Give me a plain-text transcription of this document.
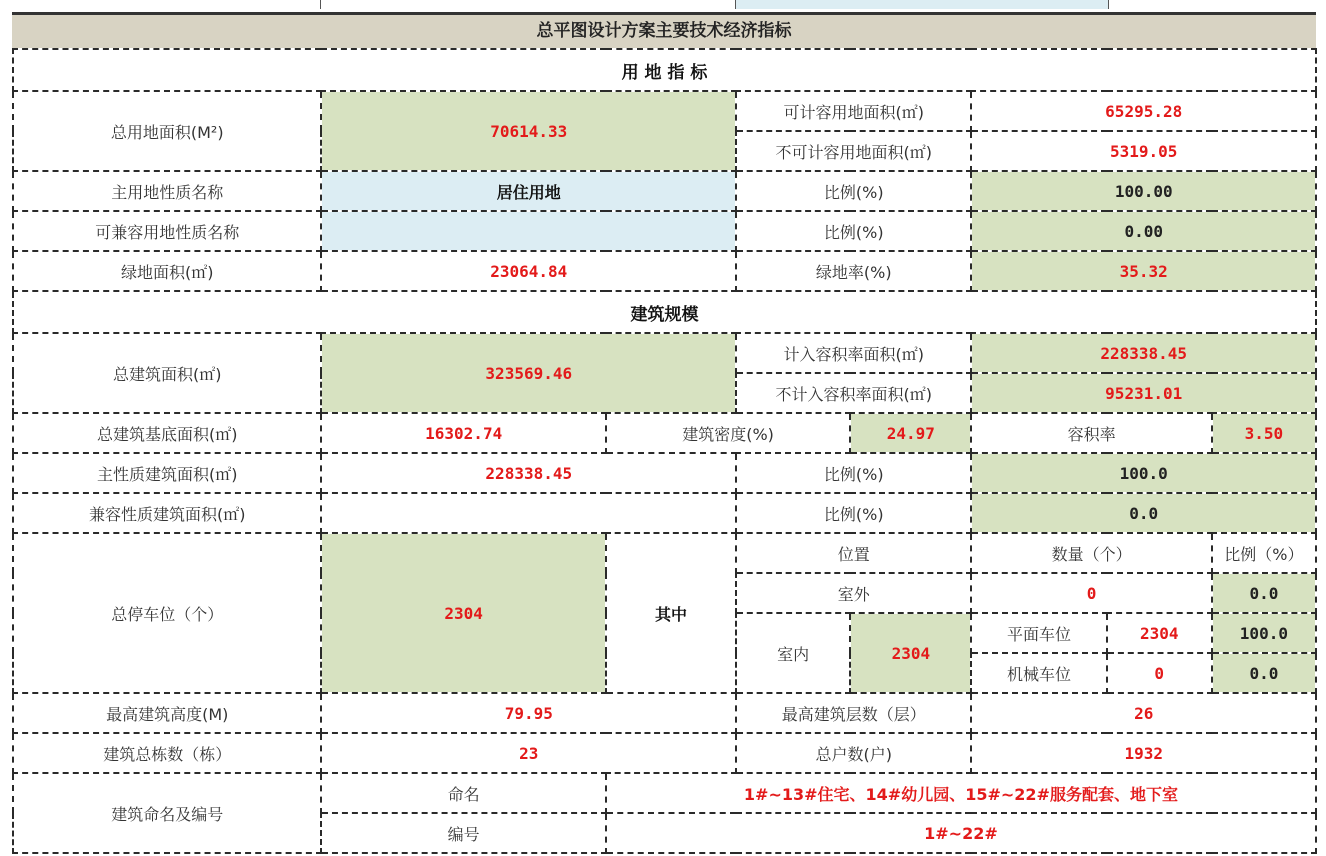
总平图设计方案主要技术经济指标
用 地 指 标							
总用地面积(M²)	70614.33		可计容用地面积(㎡)		65295.28		
			不可计容用地面积(㎡)		5319.05		
主用地性质名称	居住用地		比例(%)		100.00		
可兼容用地性质名称			比例(%)		0.00		
绿地面积(㎡)	23064.84		绿地率(%)		35.32		
建筑规模							
总建筑面积(㎡)	323569.46		计入容积率面积(㎡)		228338.45		
			不计入容积率面积(㎡)		95231.01		
总建筑基底面积(㎡)	16302.74	建筑密度(%)		24.97	容积率		3.50
主性质建筑面积(㎡)	228338.45		比例(%)		100.0		
兼容性质建筑面积(㎡)			比例(%)		0.0		
总停车位（个）	2304	其中	位置		数量（个）		比例（%）
			室外		0		0.0
			室内	2304	平面车位	2304	100.0
					机械车位	0	0.0
最高建筑高度(M)	79.95		最高建筑层数（层）		26		
建筑总栋数（栋）	23		总户数(户)		1932		
建筑命名及编号	命名	1#~13#住宅、14#幼儿园、15#~22#服务配套、地下室					
	编号	1#~22#					
